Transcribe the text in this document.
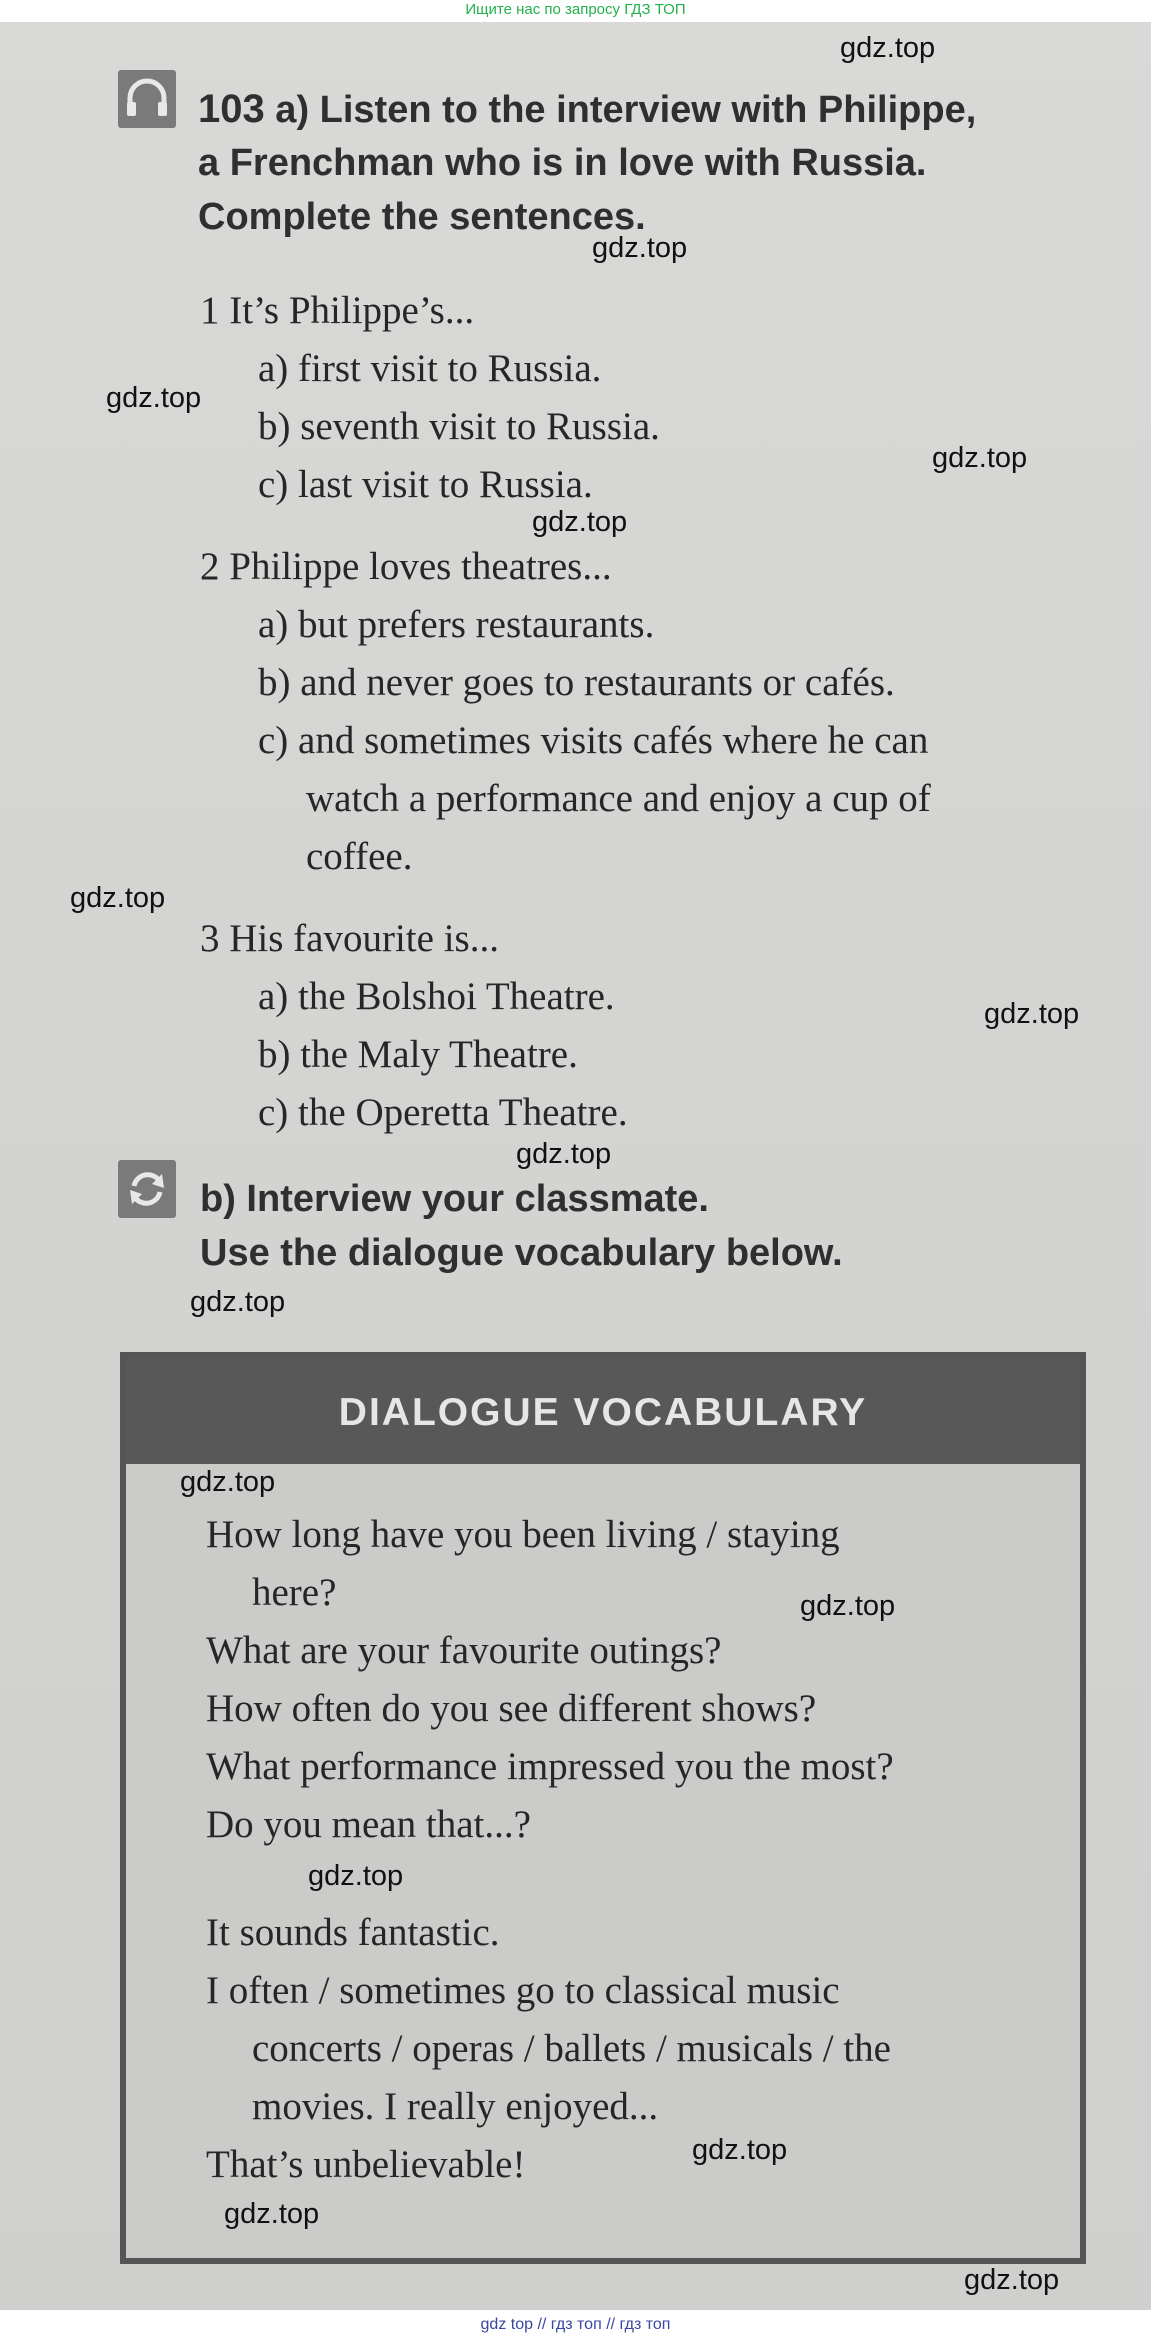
Ищите нас по запросу ГДЗ ТОП
103 a) Listen to the interview with Philippe,
a Frenchman who is in love with Russia.
Complete the sentences.
1 It’s Philippe’s...
a) first visit to Russia.
b) seventh visit to Russia.
c) last visit to Russia.
2 Philippe loves theatres...
a) but prefers restaurants.
b) and never goes to restaurants or cafés.
c) and sometimes visits cafés where he can
watch a performance and enjoy a cup of
coffee.
3 His favourite is...
a) the Bolshoi Theatre.
b) the Maly Theatre.
c) the Operetta Theatre.
b) Interview your classmate.
Use the dialogue vocabulary below.
DIALOGUE VOCABULARY
How long have you been living / staying
here?
What are your favourite outings?
How often do you see different shows?
What performance impressed you the most?
Do you mean that...?
It sounds fantastic.
I often / sometimes go to classical music
concerts / operas / ballets / musicals / the
movies. I really enjoyed...
That’s unbelievable!
gdz.top
gdz.top
gdz.top
gdz.top
gdz.top
gdz.top
gdz.top
gdz.top
gdz.top
gdz.top
gdz.top
gdz.top
gdz.top
gdz.top
gdz.top
gdz top // гдз топ // гдз топ
